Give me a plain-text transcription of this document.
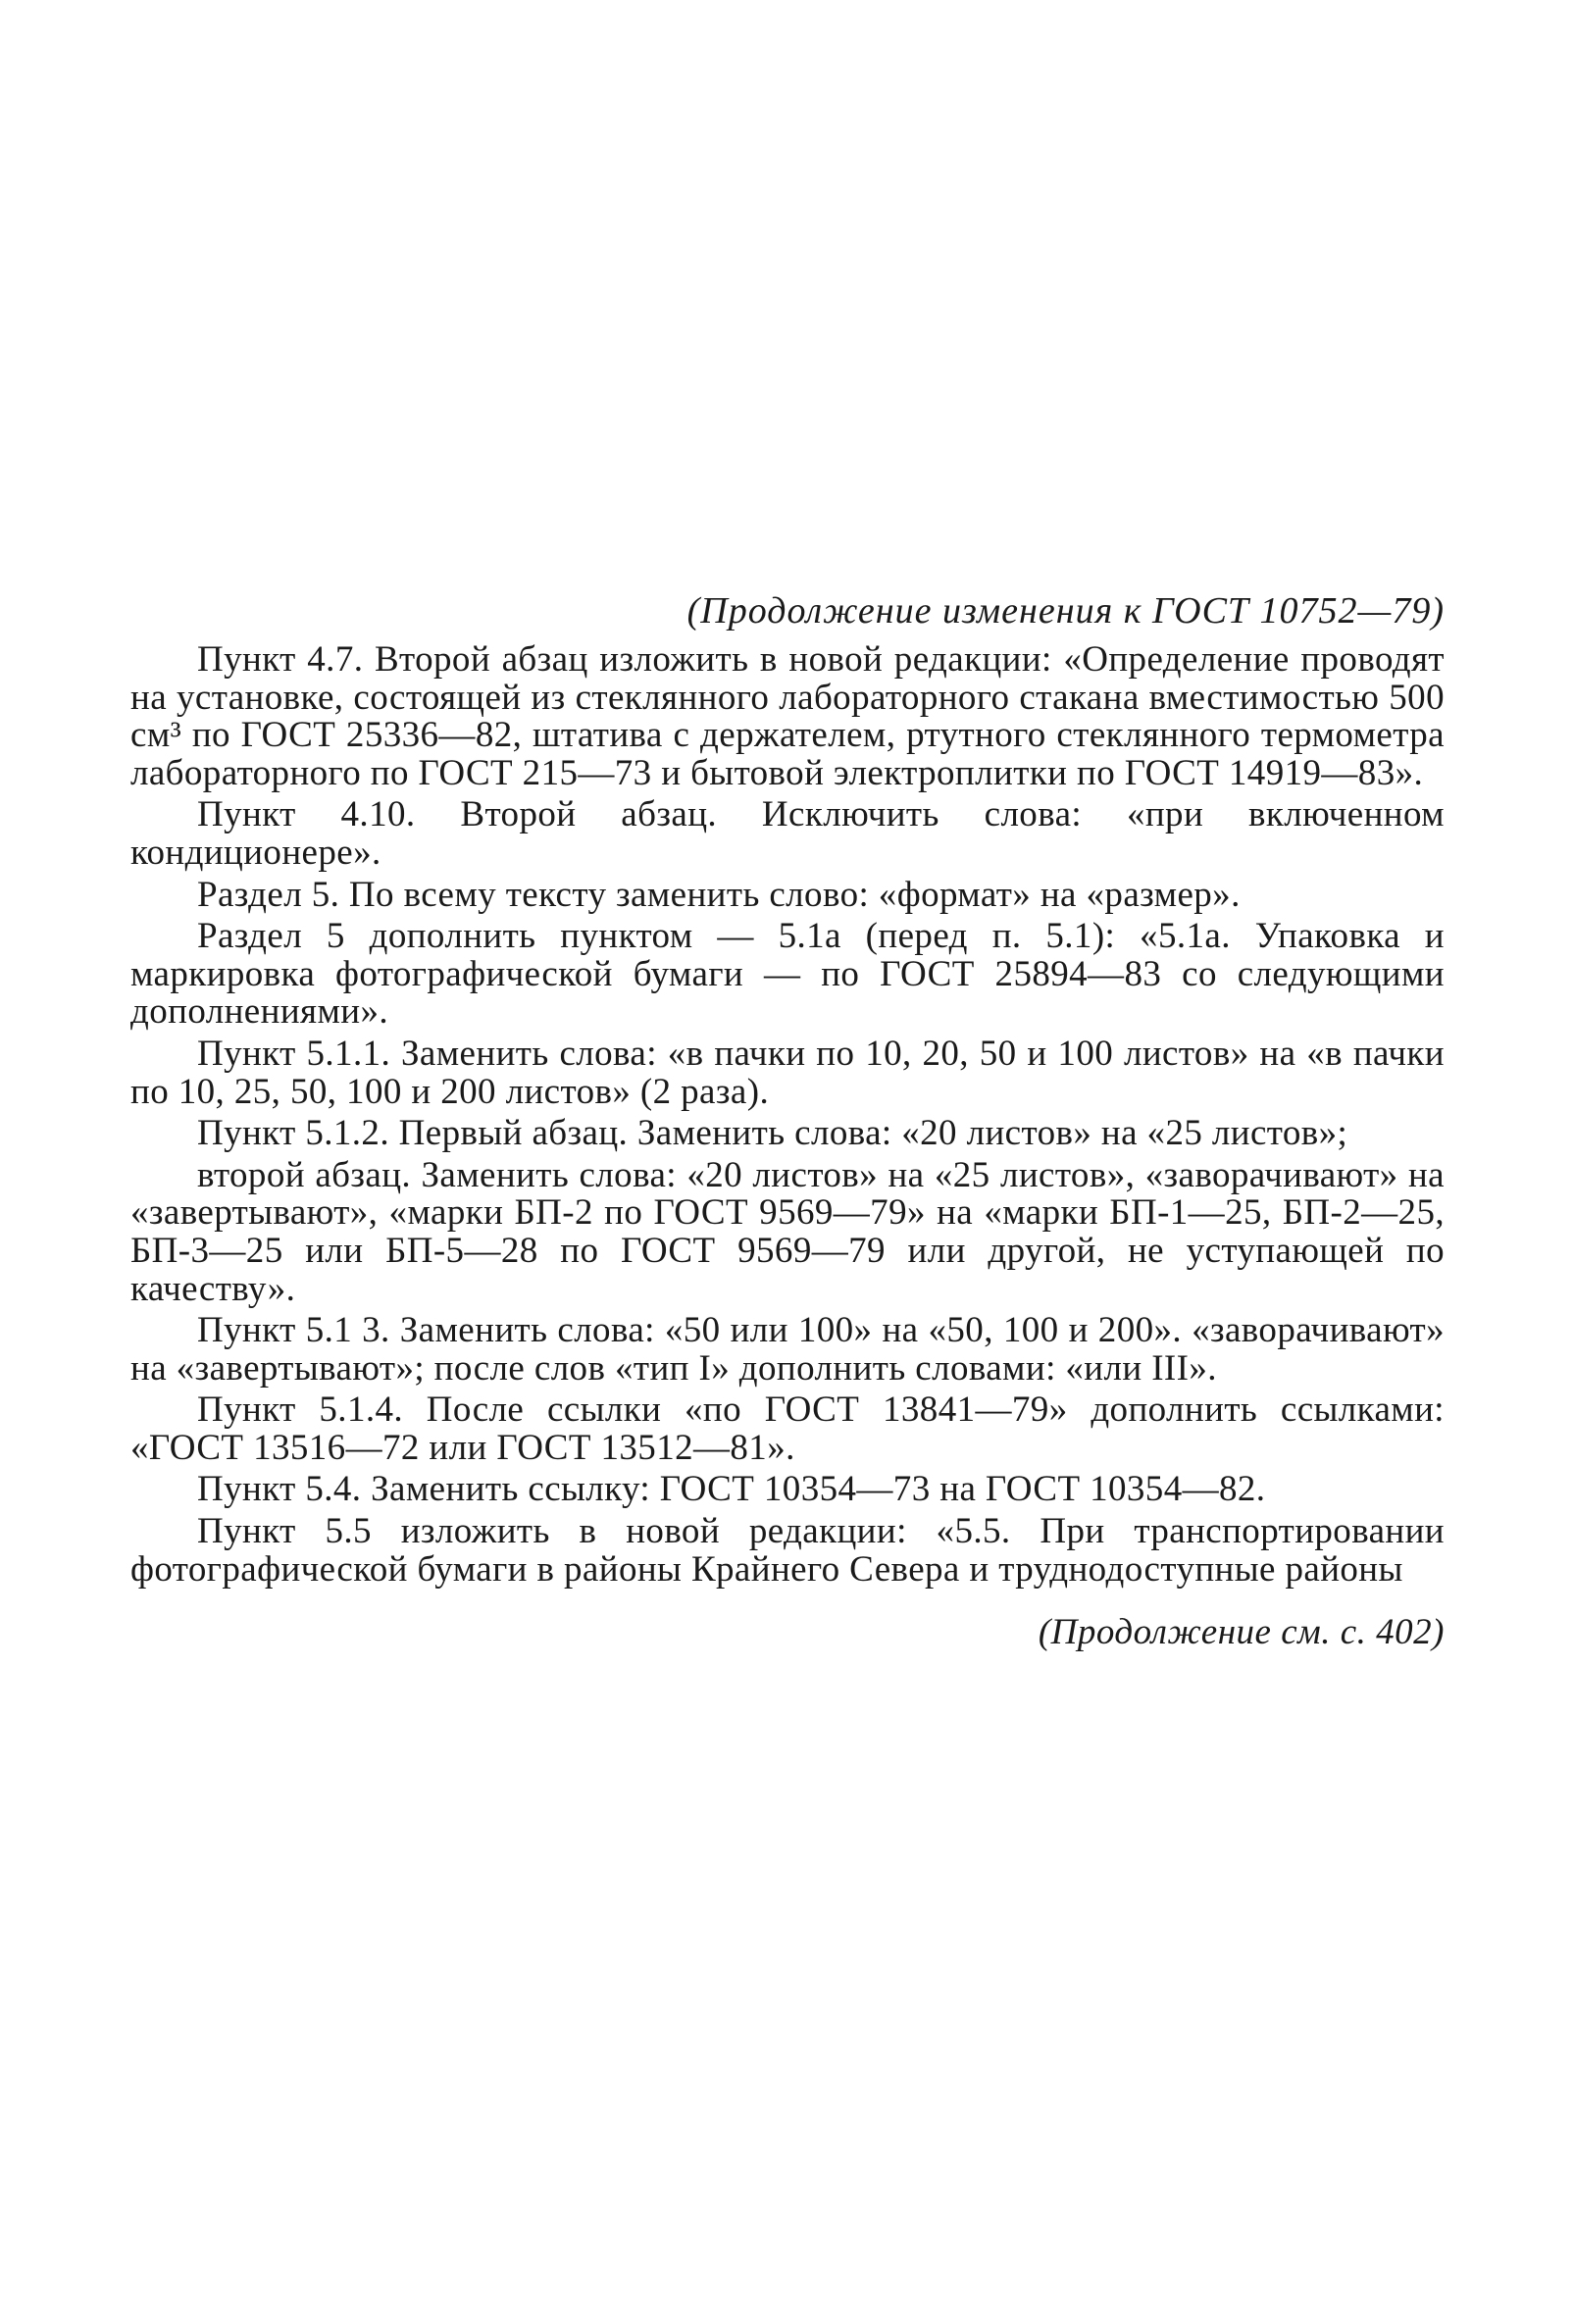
(Продолжение изменения к ГОСТ 10752—79)

Пункт 4.7. Второй абзац изложить в новой редакции: «Определение проводят на установке, состоящей из стеклянного лабораторного стакана вместимостью 500 см³ по ГОСТ 25336—82, штатива с держателем, ртутного стеклянного термометра лабораторного по ГОСТ 215—73 и бытовой электроплитки по ГОСТ 14919—83».

Пункт 4.10. Второй абзац. Исключить слова: «при включенном кондиционере».

Раздел 5. По всему тексту заменить слово: «формат» на «размер».

Раздел 5 дополнить пунктом — 5.1а (перед п. 5.1): «5.1а. Упаковка и маркировка фотографической бумаги — по ГОСТ 25894—83 со следующими дополнениями».

Пункт 5.1.1. Заменить слова: «в пачки по 10, 20, 50 и 100 листов» на «в пачки по 10, 25, 50, 100 и 200 листов» (2 раза).

Пункт 5.1.2. Первый абзац. Заменить слова: «20 листов» на «25 листов»;

второй абзац. Заменить слова: «20 листов» на «25 листов», «заворачивают» на «завертывают», «марки БП-2 по ГОСТ 9569—79» на «марки БП-1—25, БП-2—25, БП-3—25 или БП-5—28 по ГОСТ 9569—79 или другой, не уступающей по качеству».

Пункт 5.1 3. Заменить слова: «50 или 100» на «50, 100 и 200». «заворачивают» на «завертывают»; после слов «тип I» дополнить словами: «или III».

Пункт 5.1.4. После ссылки «по ГОСТ 13841—79» дополнить ссылками: «ГОСТ 13516—72 или ГОСТ 13512—81».

Пункт 5.4. Заменить ссылку: ГОСТ 10354—73 на ГОСТ 10354—82.

Пункт 5.5 изложить в новой редакции: «5.5. При транспортировании фотографической бумаги в районы Крайнего Севера и труднодоступные районы

(Продолжение см. с. 402)
